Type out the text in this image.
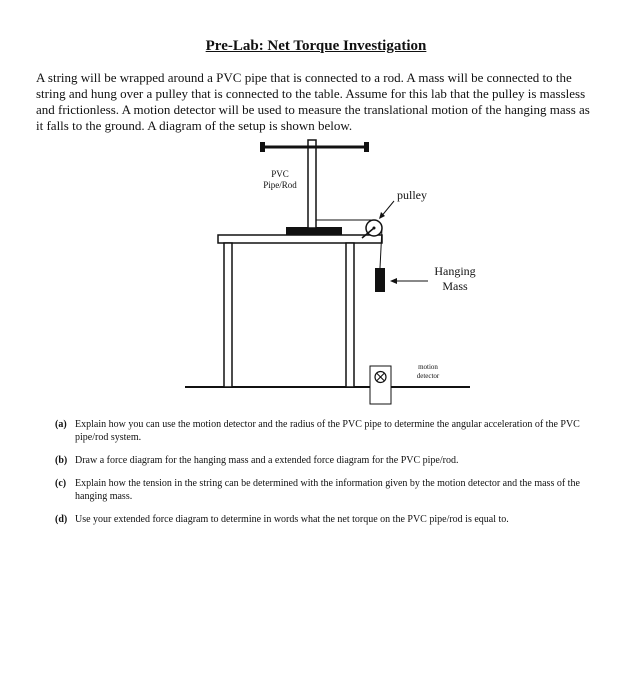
Pre-Lab: Net Torque Investigation

A string will be wrapped around a PVC pipe that is connected to a rod. A mass will be connected to the string and hung over a pulley that is connected to the table. Assume for this lab that the pulley is massless and frictionless. A motion detector will be used to measure the translational motion of the hanging mass as it falls to the ground. A diagram of the setup is shown below.

PVC
Pipe/Rod
pulley
Hanging
Mass
motion
detector
(a) Explain how you can use the motion detector and the radius of the PVC pipe to determine the angular acceleration of the PVC pipe/rod system.
(b) Draw a force diagram for the hanging mass and a extended force diagram for the PVC pipe/rod.
(c) Explain how the tension in the string can be determined with the information given by the motion detector and the mass of the hanging mass.
(d) Use your extended force diagram to determine in words what the net torque on the PVC pipe/rod is equal to.
